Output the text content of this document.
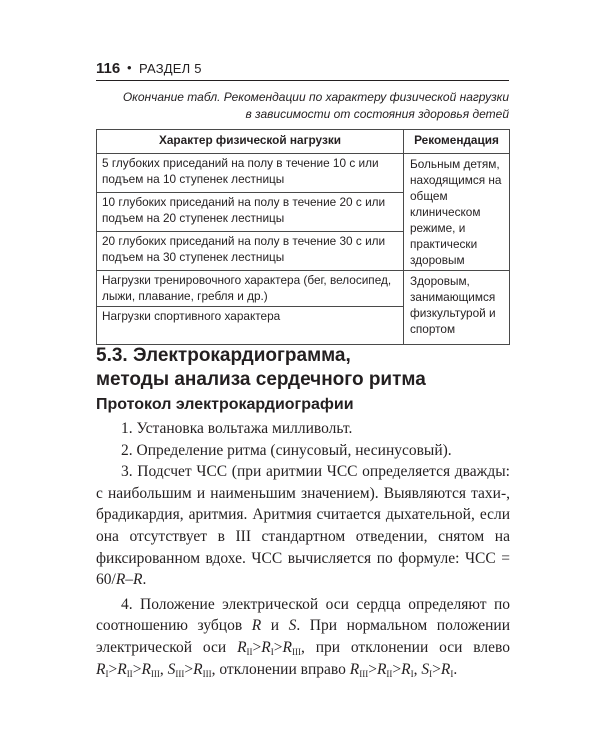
116 • РАЗДЕЛ 5
Окончание табл. Рекомендации по характеру физической нагрузки
в зависимости от состояния здоровья детей
Характер физической нагрузки	Рекомендация
5 глубоких приседаний на полу в течение 10 с или подъем на 10 ступенек лестницы	Больным детям, находящимся на общем клиническом режиме, и практически здоровым
10 глубоких приседаний на полу в течение 20 с или подъем на 20 ступенек лестницы	
20 глубоких приседаний на полу в течение 30 с или подъем на 30 ступенек лестницы	
Нагрузки тренировочного характера (бег, велосипед, лыжи, плавание, гребля и др.)	Здоровым, занимающимся физкультурой и спортом
Нагрузки спортивного характера	
5.3. Электрокардиограмма,
методы анализа сердечного ритма
Протокол электрокардиографии

1. Установка вольтажа милливольт.

2. Определение ритма (синусовый, несинусовый).

3. Подсчет ЧСС (при аритмии ЧСС определяется дважды: с наибольшим и наименьшим значением). Выявляются тахи-, брадикардия, аритмия. Аритмия считается дыхательной, если она отсутствует в III стандартном отведении, снятом на фиксированном вдохе. ЧСС вычисляется по формуле: ЧСС = 60/R–R.

4. Положение электрической оси сердца определяют по соотношению зубцов R и S. При нормальном положении электрической оси $R_{II}>R_I>R_{III}$, при отклонении оси влево $R_I>R_{II}>R_{III}$, $S_{III}>R_{III}$, отклонении вправо $R_{III}>R_{II}>R_I$, $S_I>R_I$.
